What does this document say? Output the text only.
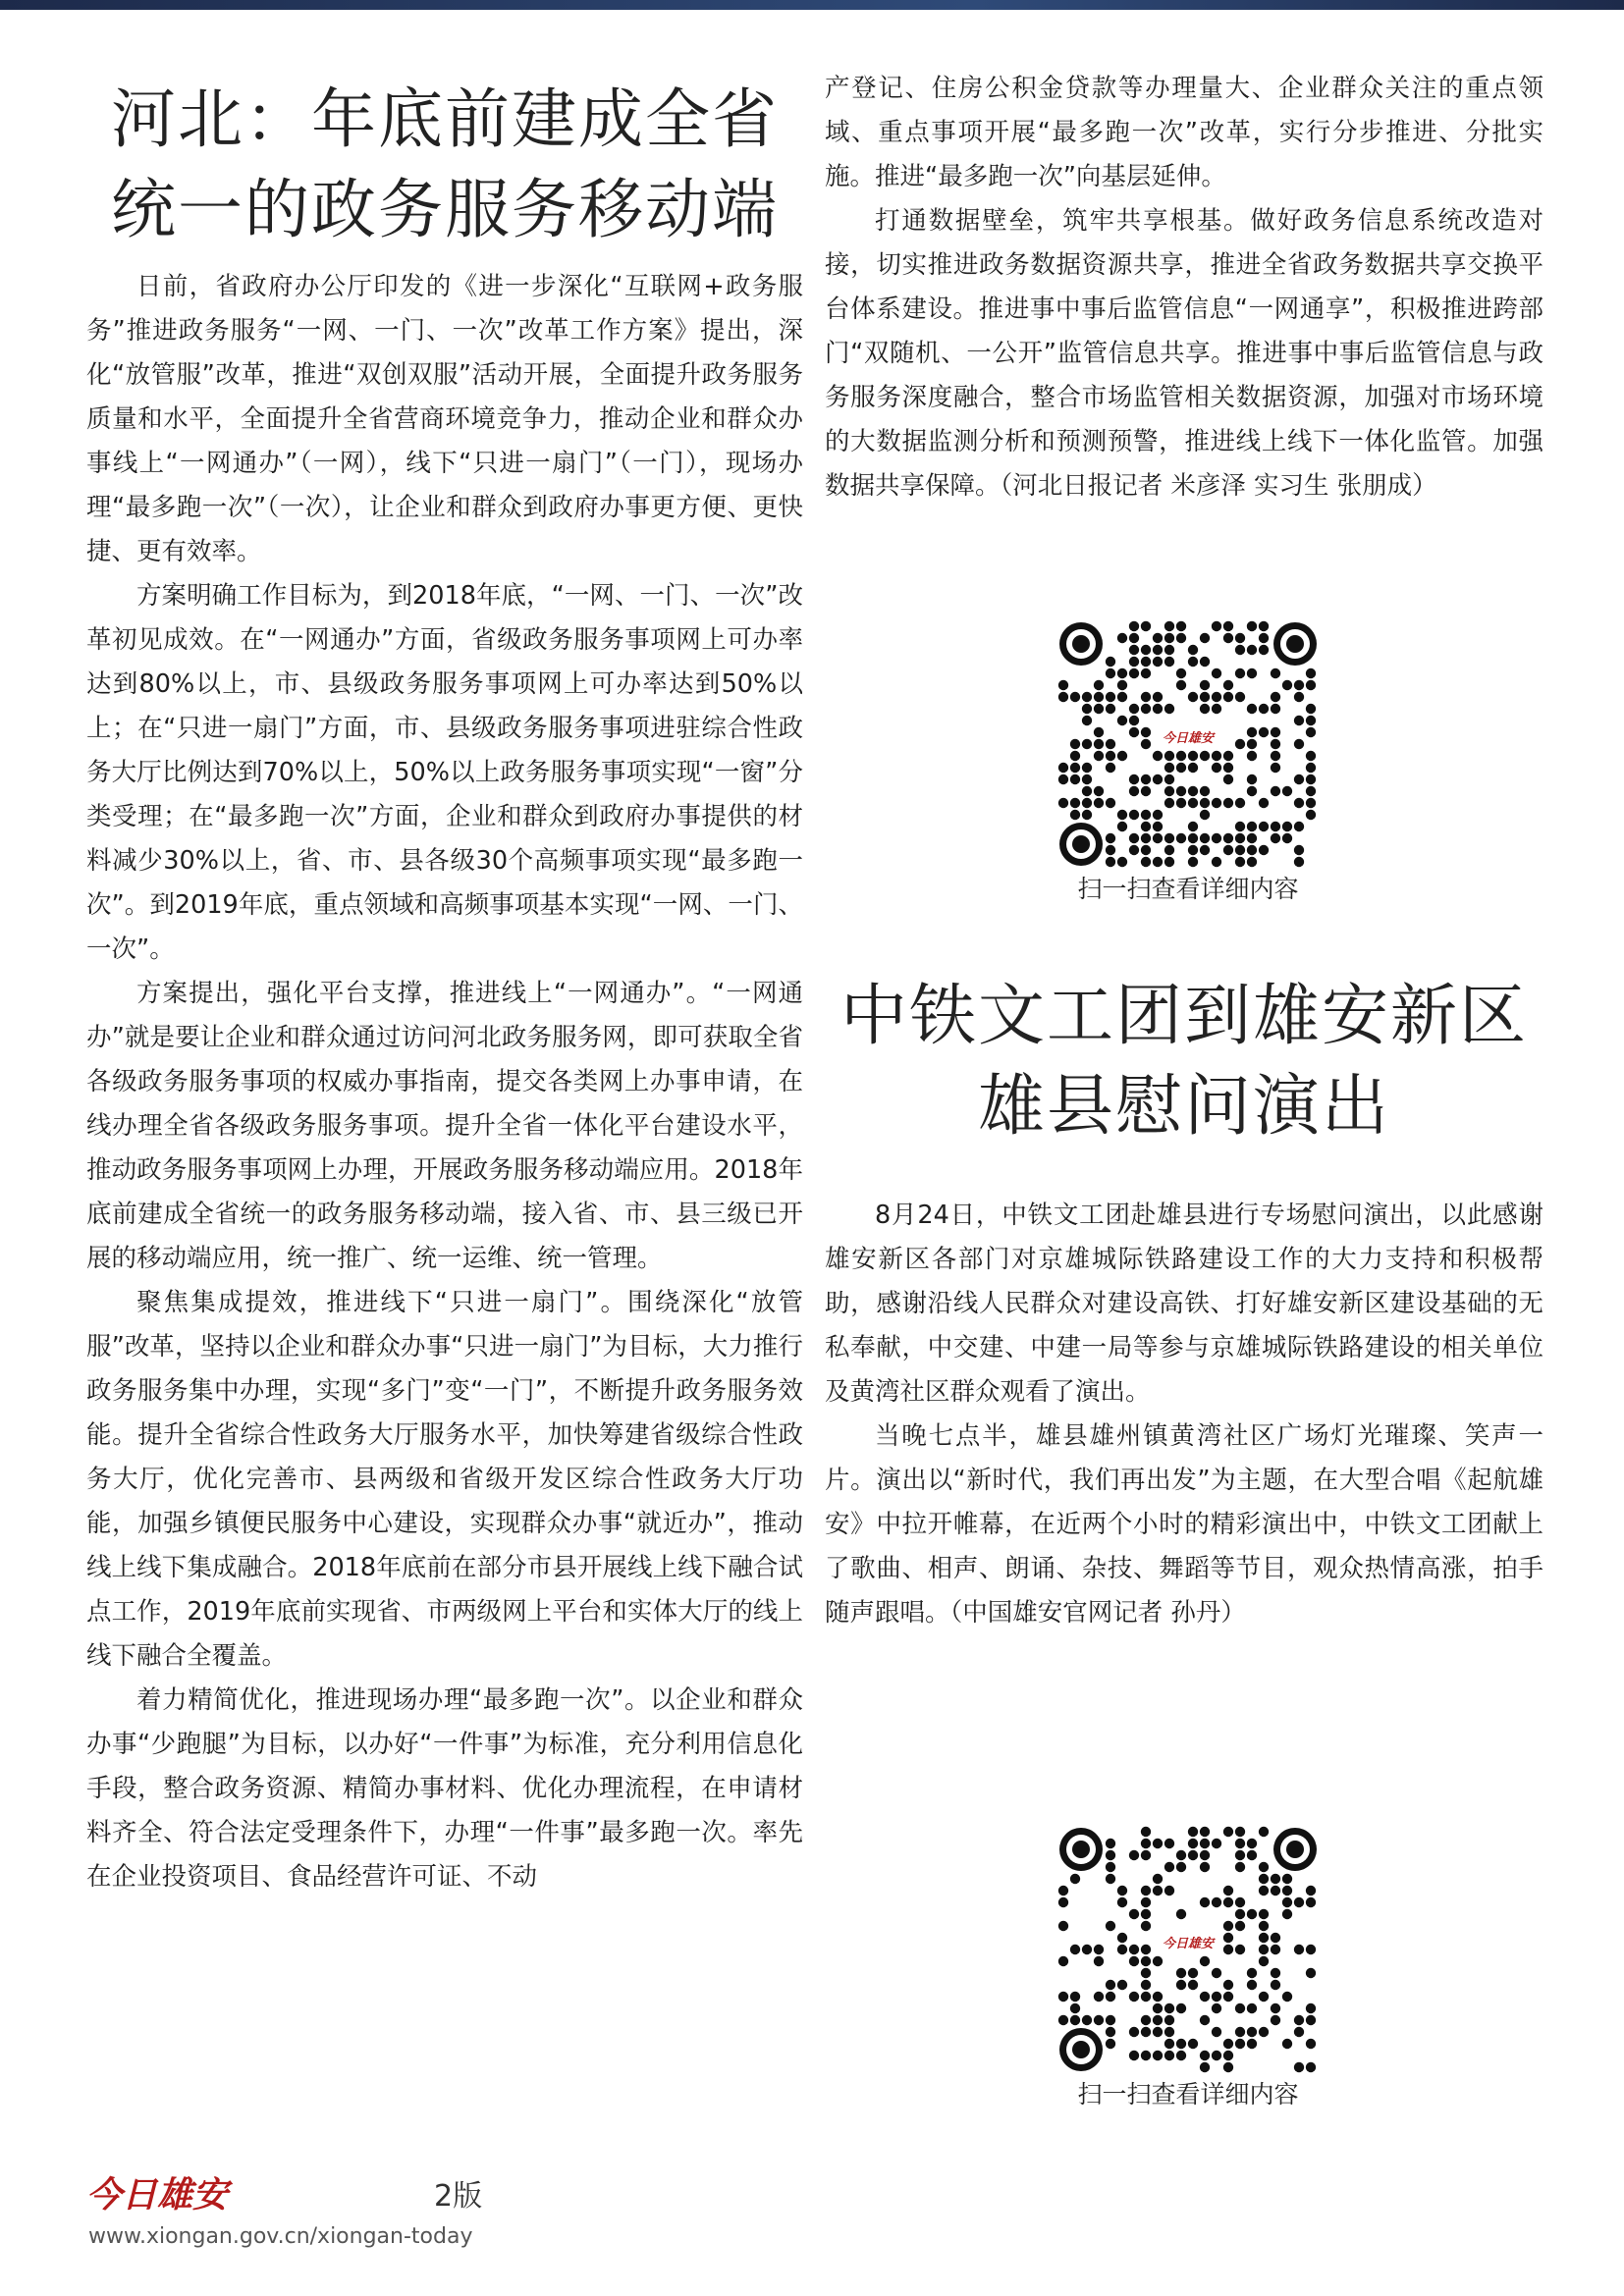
河北：年底前建成全省
统一的政务服务移动端

日前，省政府办公厅印发的《进一步深化“互联网+政务服务”推进政务服务“一网、一门、一次”改革工作方案》提出，深化“放管服”改革，推进“双创双服”活动开展，全面提升政务服务质量和水平，全面提升全省营商环境竞争力，推动企业和群众办事线上“一网通办”（一网），线下“只进一扇门”（一门），现场办理“最多跑一次”（一次），让企业和群众到政府办事更方便、更快捷、更有效率。

方案明确工作目标为，到2018年底，“一网、一门、一次”改革初见成效。在“一网通办”方面，省级政务服务事项网上可办率达到80%以上，市、县级政务服务事项网上可办率达到50%以上；在“只进一扇门”方面，市、县级政务服务事项进驻综合性政务大厅比例达到70%以上，50%以上政务服务事项实现“一窗”分类受理；在“最多跑一次”方面，企业和群众到政府办事提供的材料减少30%以上，省、市、县各级30个高频事项实现“最多跑一次”。到2019年底，重点领域和高频事项基本实现“一网、一门、一次”。

方案提出，强化平台支撑，推进线上“一网通办”。“一网通办”就是要让企业和群众通过访问河北政务服务网，即可获取全省各级政务服务事项的权威办事指南，提交各类网上办事申请，在线办理全省各级政务服务事项。提升全省一体化平台建设水平，推动政务服务事项网上办理，开展政务服务移动端应用。2018年底前建成全省统一的政务服务移动端，接入省、市、县三级已开展的移动端应用，统一推广、统一运维、统一管理。

聚焦集成提效，推进线下“只进一扇门”。围绕深化“放管服”改革，坚持以企业和群众办事“只进一扇门”为目标，大力推行政务服务集中办理，实现“多门”变“一门”，不断提升政务服务效能。提升全省综合性政务大厅服务水平，加快筹建省级综合性政务大厅，优化完善市、县两级和省级开发区综合性政务大厅功能，加强乡镇便民服务中心建设，实现群众办事“就近办”，推动线上线下集成融合。2018年底前在部分市县开展线上线下融合试点工作，2019年底前实现省、市两级网上平台和实体大厅的线上线下融合全覆盖。

着力精简优化，推进现场办理“最多跑一次”。以企业和群众办事“少跑腿”为目标，以办好“一件事”为标准，充分利用信息化手段，整合政务资源、精简办事材料、优化办理流程，在申请材料齐全、符合法定受理条件下，办理“一件事”最多跑一次。率先在企业投资项目、食品经营许可证、不动

产登记、住房公积金贷款等办理量大、企业群众关注的重点领域、重点事项开展“最多跑一次”改革，实行分步推进、分批实施。推进“最多跑一次”向基层延伸。

打通数据壁垒，筑牢共享根基。做好政务信息系统改造对接，切实推进政务数据资源共享，推进全省政务数据共享交换平台体系建设。推进事中事后监管信息“一网通享”，积极推进跨部门“双随机、一公开”监管信息共享。推进事中事后监管信息与政务服务深度融合，整合市场监管相关数据资源，加强对市场环境的大数据监测分析和预测预警，推进线上线下一体化监管。加强数据共享保障。（河北日报记者 米彦泽 实习生 张朋成）

今日雄安
扫一扫查看详细内容
中铁文工团到雄安新区
雄县慰问演出

8月24日，中铁文工团赴雄县进行专场慰问演出，以此感谢雄安新区各部门对京雄城际铁路建设工作的大力支持和积极帮助，感谢沿线人民群众对建设高铁、打好雄安新区建设基础的无私奉献，中交建、中建一局等参与京雄城际铁路建设的相关单位及黄湾社区群众观看了演出。

当晚七点半，雄县雄州镇黄湾社区广场灯光璀璨、笑声一片。演出以“新时代，我们再出发”为主题，在大型合唱《起航雄安》中拉开帷幕，在近两个小时的精彩演出中，中铁文工团献上了歌曲、相声、朗诵、杂技、舞蹈等节目，观众热情高涨，拍手随声跟唱。（中国雄安官网记者 孙丹）

今日雄安
扫一扫查看详细内容
今日雄安	2版
www.xiongan.gov.cn/xiongan-today
